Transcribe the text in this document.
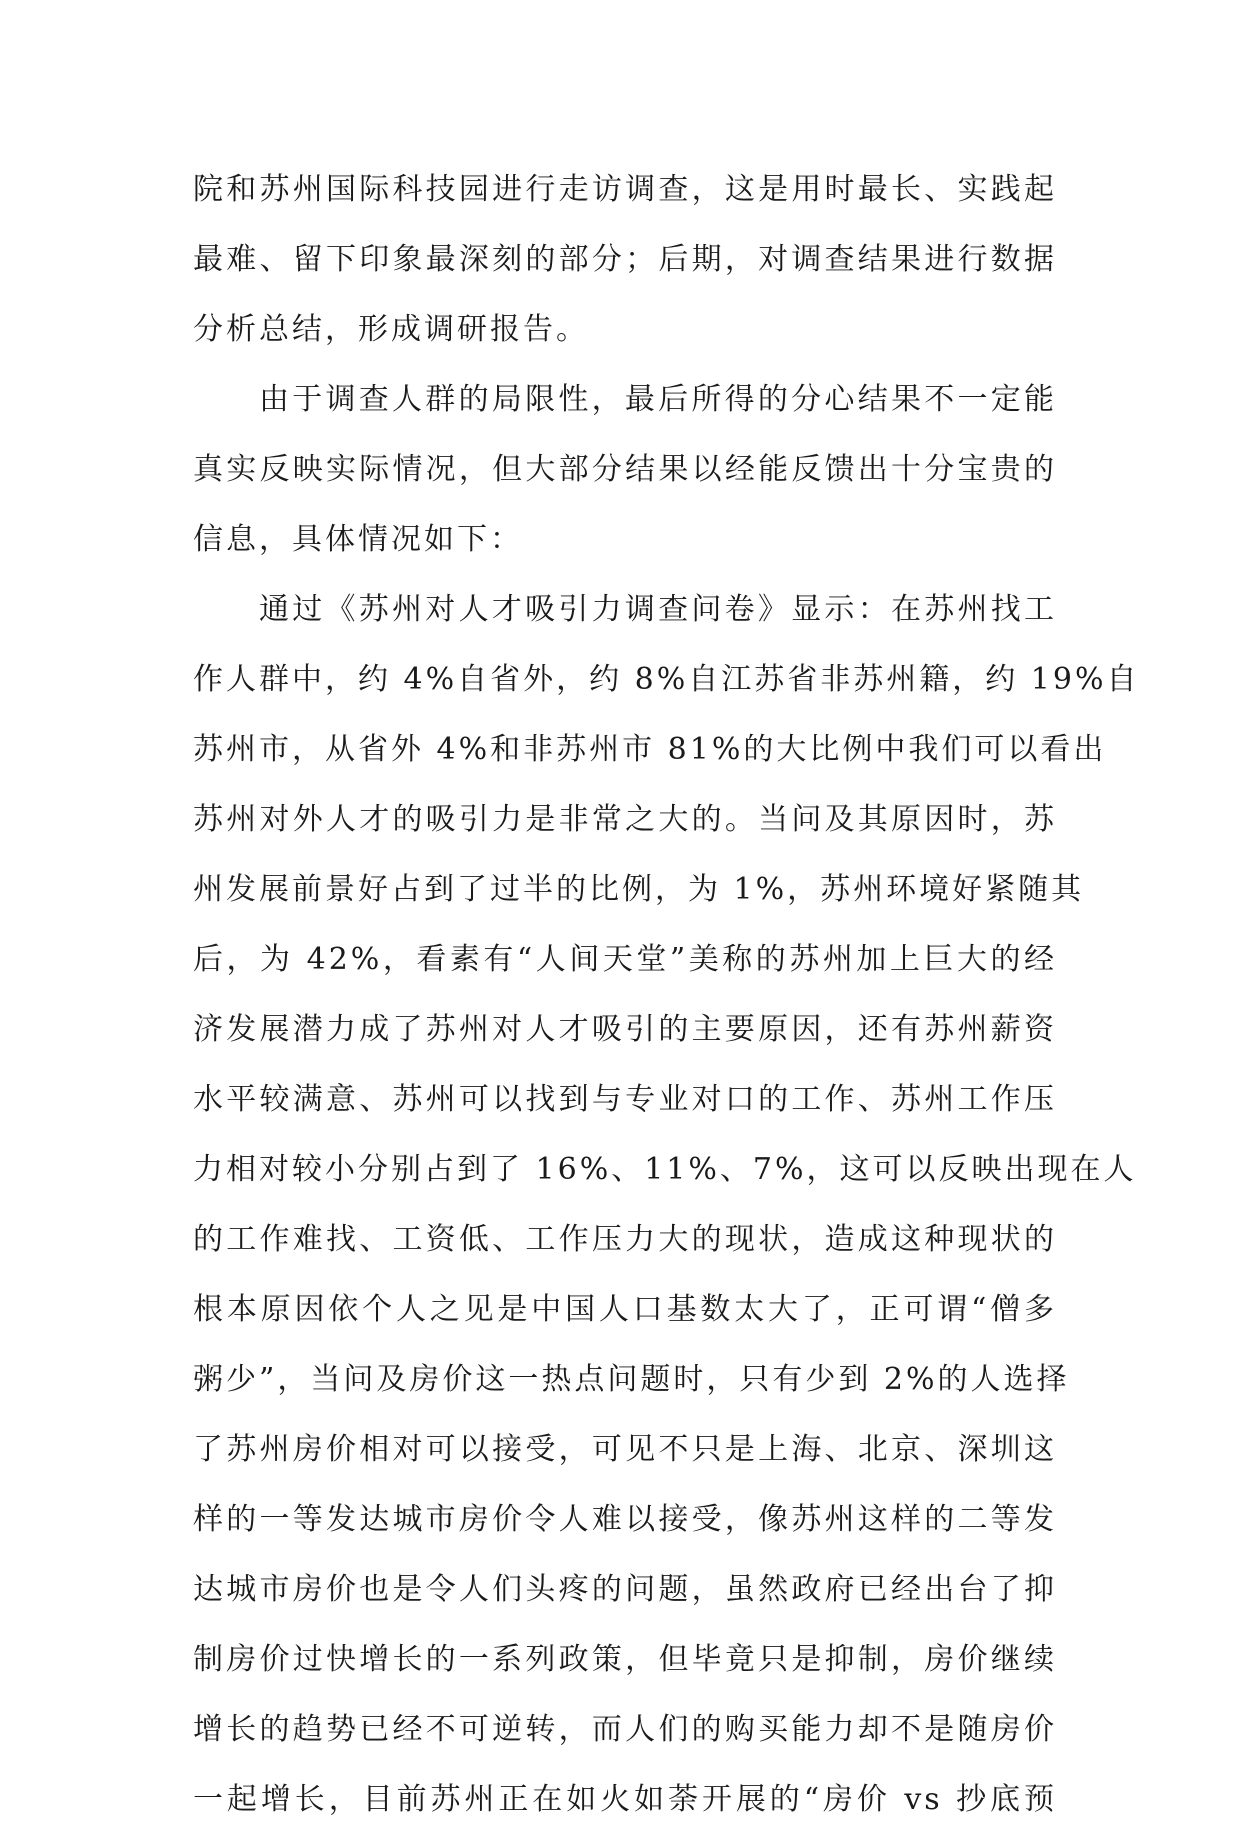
院和苏州国际科技园进行走访调查，这是用时最长、实践起
最难、留下印象最深刻的部分；后期，对调查结果进行数据
分析总结，形成调研报告。
由于调查人群的局限性，最后所得的分心结果不一定能
真实反映实际情况，但大部分结果以经能反馈出十分宝贵的
信息，具体情况如下：
通过《苏州对人才吸引力调查问卷》显示：在苏州找工
作人群中，约 4%自省外，约 8%自江苏省非苏州籍，约 19%自
苏州市，从省外 4%和非苏州市 81%的大比例中我们可以看出
苏州对外人才的吸引力是非常之大的。当问及其原因时，苏
州发展前景好占到了过半的比例，为 1%，苏州环境好紧随其
后，为 42%，看素有“人间天堂”美称的苏州加上巨大的经
济发展潜力成了苏州对人才吸引的主要原因，还有苏州薪资
水平较满意、苏州可以找到与专业对口的工作、苏州工作压
力相对较小分别占到了 16%、11%、7%，这可以反映出现在人
的工作难找、工资低、工作压力大的现状，造成这种现状的
根本原因依个人之见是中国人口基数太大了，正可谓“僧多
粥少”，当问及房价这一热点问题时，只有少到 2%的人选择
了苏州房价相对可以接受，可见不只是上海、北京、深圳这
样的一等发达城市房价令人难以接受，像苏州这样的二等发
达城市房价也是令人们头疼的问题，虽然政府已经出台了抑
制房价过快增长的一系列政策，但毕竟只是抑制，房价继续
增长的趋势已经不可逆转，而人们的购买能力却不是随房价
一起增长，目前苏州正在如火如荼开展的“房价 vs 抄底预
